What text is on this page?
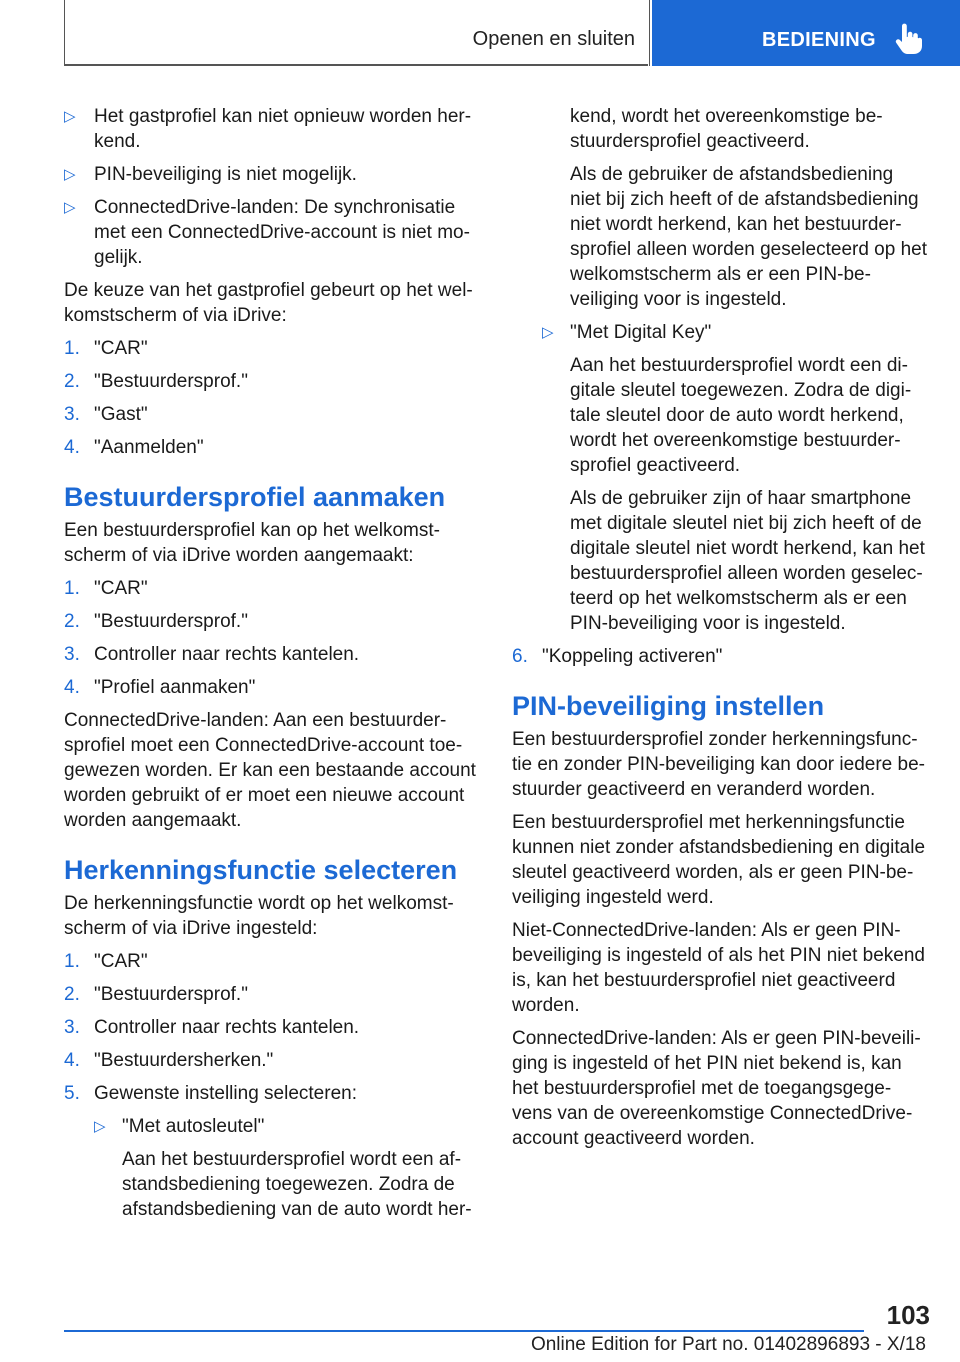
Openen en sluiten	BEDIENING
▷ Het gastprofiel kan niet opnieuw worden her- kend.
▷ PIN-beveiliging is niet mogelijk.
▷ ConnectedDrive-landen: De synchronisatie met een ConnectedDrive-account is niet mo- gelijk.
De keuze van het gastprofiel gebeurt op het wel- komstscherm of via iDrive:
1. "CAR"
2. "Bestuurdersprof."
3. "Gast"
4. "Aanmelden"
Bestuurdersprofiel aanmaken
Een bestuurdersprofiel kan op het welkomst- scherm of via iDrive worden aangemaakt:
1. "CAR"
2. "Bestuurdersprof."
3. Controller naar rechts kantelen.
4. "Profiel aanmaken"
ConnectedDrive-landen: Aan een bestuurder- sprofiel moet een ConnectedDrive-account toe- gewezen worden. Er kan een bestaande account worden gebruikt of er moet een nieuwe account worden aangemaakt.
Herkenningsfunctie selecteren
De herkenningsfunctie wordt op het welkomst- scherm of via iDrive ingesteld:
1. "CAR"
2. "Bestuurdersprof."
3. Controller naar rechts kantelen.
4. "Bestuurdersherken."
5. Gewenste instelling selecteren:
▷ "Met autosleutel"
Aan het bestuurdersprofiel wordt een af- standsbediening toegewezen. Zodra de afstandsbediening van de auto wordt her-
kend, wordt het overeenkomstige be- stuurdersprofiel geactiveerd.
Als de gebruiker de afstandsbediening niet bij zich heeft of de afstandsbediening niet wordt herkend, kan het bestuurder- sprofiel alleen worden geselecteerd op het welkomstscherm als er een PIN-be- veiliging voor is ingesteld.
▷ "Met Digital Key"
Aan het bestuurdersprofiel wordt een di- gitale sleutel toegewezen. Zodra de digi- tale sleutel door de auto wordt herkend, wordt het overeenkomstige bestuurder- sprofiel geactiveerd.
Als de gebruiker zijn of haar smartphone met digitale sleutel niet bij zich heeft of de digitale sleutel niet wordt herkend, kan het bestuurdersprofiel alleen worden geselec- teerd op het welkomstscherm als er een PIN-beveiliging voor is ingesteld.
6. "Koppeling activeren"
PIN-beveiliging instellen
Een bestuurdersprofiel zonder herkenningsfunc- tie en zonder PIN-beveiliging kan door iedere be- stuurder geactiveerd en veranderd worden.
Een bestuurdersprofiel met herkenningsfunctie kunnen niet zonder afstandsbediening en digitale sleutel geactiveerd worden, als er geen PIN-be- veiliging ingesteld werd.
Niet-ConnectedDrive-landen: Als er geen PIN- beveiliging is ingesteld of als het PIN niet bekend is, kan het bestuurdersprofiel niet geactiveerd worden.
ConnectedDrive-landen: Als er geen PIN-beveili- ging is ingesteld of het PIN niet bekend is, kan het bestuurdersprofiel met de toegangsgege- vens van de overeenkomstige ConnectedDrive- account geactiveerd worden.
103
Online Edition for Part no. 01402896893 - X/18
